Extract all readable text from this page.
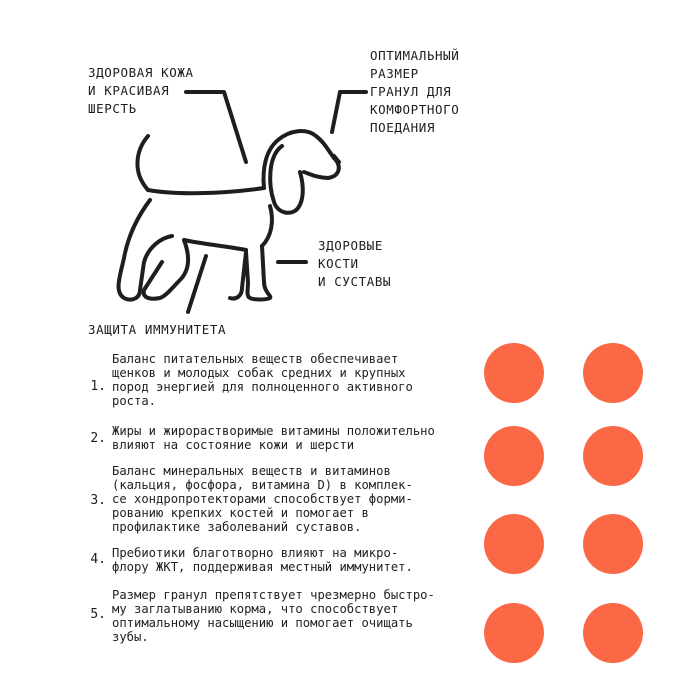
ЗДОРОВАЯ КОЖА
И КРАСИВАЯ
ШЕРСТЬ
ОПТИМАЛЬНЫЙ
РАЗМЕР
ГРАНУЛ ДЛЯ
КОМФОРТНОГО
ПОЕДАНИЯ
ЗДОРОВЫЕ
КОСТИ
И СУСТАВЫ
ЗАЩИТА ИММУНИТЕТА
1.
Баланс питательных веществ обеспечивает
щенков и молодых собак средних и крупных
пород энергией для полноценного активного
роста.
2. Жиры и жирорастворимые витамины положительно
влияют на состояние кожи и шерсти
3.
Баланс минеральных веществ и витаминов
(кальция, фосфора, витамина D) в комплек-
се хондропротекторами способствует форми-
рованию крепких костей и помогает в
профилактике заболеваний суставов.
4. Пребиотики благотворно влияют на микро-
флору ЖКТ, поддерживая местный иммунитет.
5.
Размер гранул препятствует чрезмерно быстро-
му заглатыванию корма, что способствует
оптимальному насыщению и помогает очищать
зубы.
